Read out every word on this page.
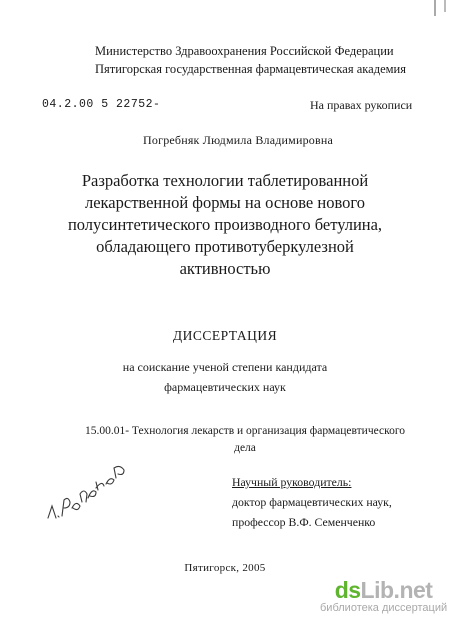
Министерство Здравоохранения Российской Федерации
Пятигорская государственная фармацевтическая академия
04.2.00 5 22752-	На правах рукописи
Погребняк Людмила Владимировна
Разработка технологии таблетированной
лекарственной формы на основе нового
полусинтетического производного бетулина,
обладающего противотуберкулезной
активностью
ДИССЕРТАЦИЯ
на соискание ученой степени кандидата
фармацевтических наук
15.00.01- Технология лекарств и организация фармацевтического дела
Научный руководитель:
доктор фармацевтических наук,
профессор В.Ф. Семенченко
Пятигорск, 2005
dsLib.net
библиотека диссертаций
